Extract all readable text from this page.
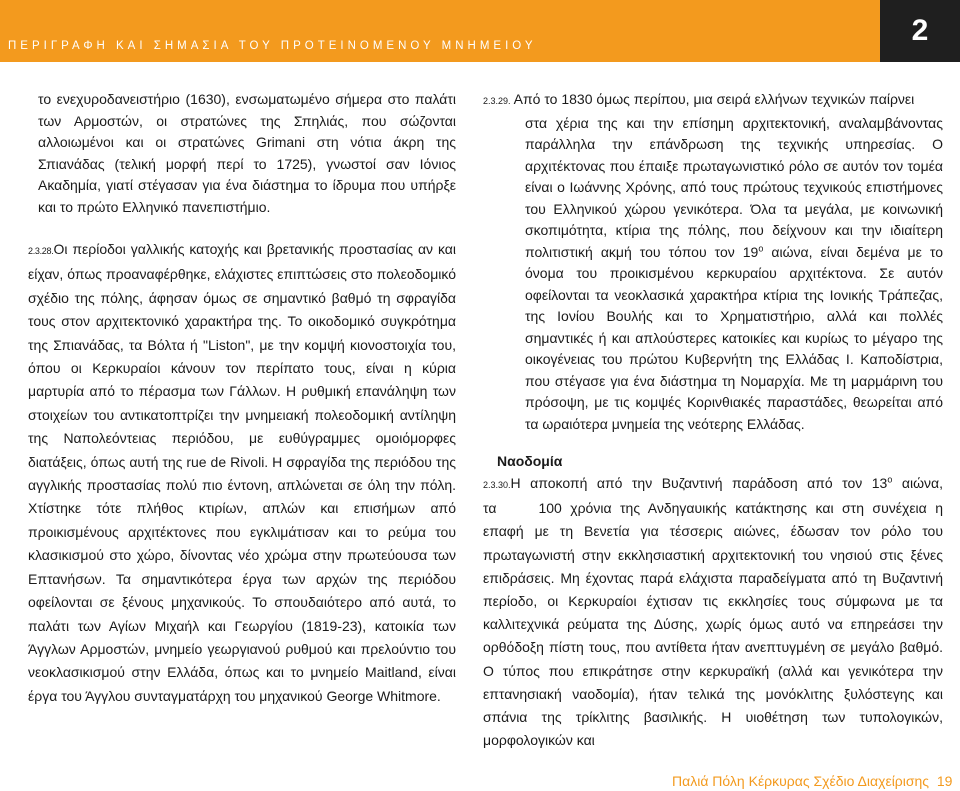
ΠΕΡΙΓΡΑΦΗ ΚΑΙ ΣΗΜΑΣΙΑ ΤΟΥ ΠΡΟΤΕΙΝΟΜΕΝΟΥ ΜΝΗΜΕΙΟΥ	2

το ενεχυροδανειστήριο (1630), ενσωματωμένο σήμερα στο παλάτι των Αρμοστών, οι στρατώνες της Σπηλιάς, που σώζονται αλλοιωμένοι και οι στρατώνες Grimani στη νότια άκρη της Σπιανάδας (τελική μορφή περί το 1725), γνωστοί σαν Ιόνιος Ακαδημία, γιατί στέγασαν για ένα διάστημα το ίδρυμα που υπήρξε και το πρώτο Ελληνικό πανεπιστήμιο.

2.3.28.Οι περίοδοι γαλλικής κατοχής και βρετανικής προστασίας αν και είχαν, όπως προαναφέρθηκε, ελάχιστες επιπτώσεις στο πολεοδομικό σχέδιο της πόλης, άφησαν όμως σε σημαντικό βαθμό τη σφραγίδα τους στον αρχιτεκτονικό χαρακτήρα της. Το οικοδομικό συγκρότημα της Σπιανάδας, τα Βόλτα ή "Liston", με την κομψή κιονοστοιχία του, όπου οι Κερκυραίοι κάνουν τον περίπατο τους, είναι η κύρια μαρτυρία από το πέρασμα των Γάλλων. Η ρυθμική επανάληψη των στοιχείων του αντικατοπτρίζει την μνημειακή πολεοδομική αντίληψη της Ναπολεόντειας περιόδου, με ευθύγραμμες ομοιόμορφες διατάξεις, όπως αυτή της rue de Rivoli. Η σφραγίδα της περιόδου της αγγλικής προστασίας πολύ πιο έντονη, απλώνεται σε όλη την πόλη. Χτίστηκε τότε πλήθος κτιρίων, απλών και επισήμων από προικισμένους αρχιτέκτονες που εγκλιμάτισαν και το ρεύμα του κλασικισμού στο χώρο, δίνοντας νέο χρώμα στην πρωτεύουσα των Επτανήσων. Τα σημαντικότερα έργα των αρχών της περιόδου οφείλονται σε ξένους μηχανικούς. Το σπουδαιότερο από αυτά, το παλάτι των Αγίων Μιχαήλ και Γεωργίου (1819-23), κατοικία των Άγγλων Αρμοστών, μνημείο γεωργιανού ρυθμού και πρελούντιο του νεοκλασικισμού στην Ελλάδα, όπως και το μνημείο Maitland, είναι έργα του Άγγλου συνταγματάρχη του μηχανικού George Whitmore.

2.3.29. Από το 1830 όμως περίπου, μια σειρά ελλήνων τεχνικών παίρνει
στα χέρια της και την επίσημη αρχιτεκτονική, αναλαμβάνοντας παράλληλα την επάνδρωση της τεχνικής υπηρεσίας. Ο αρχιτέκτονας που έπαιξε πρωταγωνιστικό ρόλο σε αυτόν τον τομέα είναι ο Ιωάννης Χρόνης, από τους πρώτους τεχνικούς επιστήμονες του Ελληνικού χώρου γενικότερα. Όλα τα μεγάλα, με κοινωνική σκοπιμότητα, κτίρια της πόλης, που δείχνουν και την ιδιαίτερη πολιτιστική ακμή του τόπου τον $19^o$ αιώνα, είναι δεμένα με το όνομα του προικισμένου κερκυραίου αρχιτέκτονα. Σε αυτόν οφείλονται τα νεοκλασικά χαρακτήρα κτίρια της Ιονικής Τράπεζας, της Ιονίου Βουλής και το Χρηματιστήριο, αλλά και πολλές σημαντικές ή και απλούστερες κατοικίες και κυρίως το μέγαρο της οικογένειας του πρώτου Κυβερνήτη της Ελλάδας Ι. Καποδίστρια, που στέγασε για ένα διάστημα τη Νομαρχία. Με τη μαρμάρινη του πρόσοψη, με τις κομψές Κορινθιακές παραστάδες, θεωρείται από τα ωραιότερα μνημεία της νεότερης Ελλάδας.

Ναοδομία

2.3.30.Η αποκοπή από την Βυζαντινή παράδοση από τον $13^o$ αιώνα, τα	100 χρόνια της Ανδηγαυικής κατάκτησης και στη συνέχεια η επαφή με τη Βενετία για τέσσερις αιώνες, έδωσαν τον ρόλο του πρωταγωνιστή στην εκκλησιαστική αρχιτεκτονική του νησιού στις ξένες επιδράσεις. Μη έχοντας παρά ελάχιστα παραδείγματα από τη Βυζαντινή περίοδο, οι Κερκυραίοι έχτισαν τις εκκλησίες τους σύμφωνα με τα καλλιτεχνικά ρεύματα της Δύσης, χωρίς όμως αυτό να επηρεάσει την ορθόδοξη πίστη τους, που αντίθετα ήταν ανεπτυγμένη σε μεγάλο βαθμό. Ο τύπος που επικράτησε στην κερκυραϊκή (αλλά και γενικότερα την επτανησιακή ναοδομία), ήταν τελικά της μονόκλιτης ξυλόστεγης και σπάνια της τρίκλιτης βασιλικής. Η υιοθέτηση των τυπολογικών, μορφολογικών και

Παλιά Πόλη Κέρκυρας Σχέδιο Διαχείρισης 19
